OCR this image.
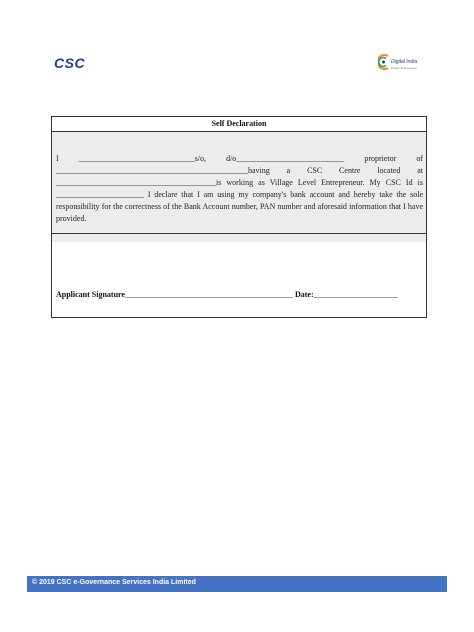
CSC	Digital India
Power To Empower
Self Declaration

I _____________________________s/o, d/o___________________________ proprietor of ________________________________________________having a CSC Centre located at ________________________________________is working as Village Level Entrepreneur. My CSC Id is ______________________ I declare that I am using my company's bank account and hereby take the sole responsibility for the correctness of the Bank Account number, PAN number and aforesaid information that I have provided.

Applicant Signature__________________________________________ Date:_____________________
© 2019 CSC e-Governance Services India Limited
